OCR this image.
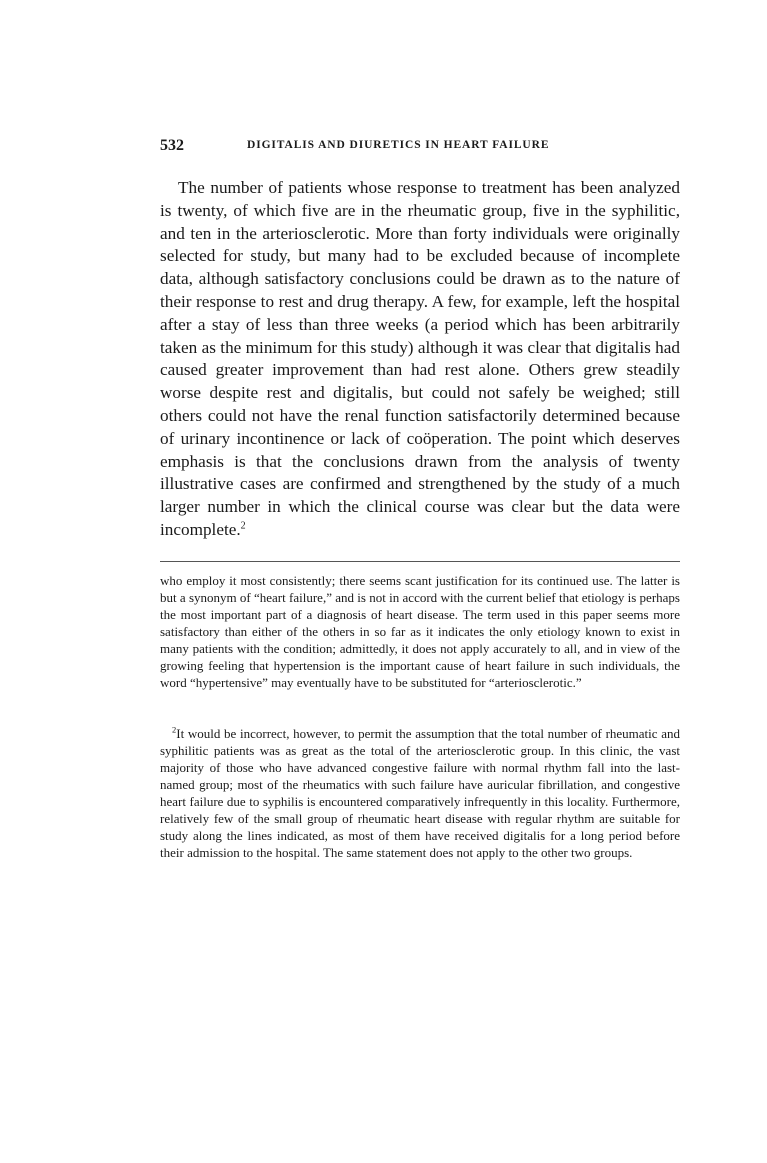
532	DIGITALIS AND DIURETICS IN HEART FAILURE

The number of patients whose response to treatment has been analyzed is twenty, of which five are in the rheumatic group, five in the syphilitic, and ten in the arteriosclerotic. More than forty individuals were originally selected for study, but many had to be excluded because of incomplete data, although satisfactory conclusions could be drawn as to the nature of their response to rest and drug therapy. A few, for example, left the hospital after a stay of less than three weeks (a period which has been arbitrarily taken as the minimum for this study) although it was clear that digitalis had caused greater improvement than had rest alone. Others grew steadily worse despite rest and digitalis, but could not safely be weighed; still others could not have the renal function satisfactorily determined because of urinary incontinence or lack of coöperation. The point which deserves emphasis is that the conclusions drawn from the analysis of twenty illustrative cases are confirmed and strengthened by the study of a much larger number in which the clinical course was clear but the data were incomplete.$^2$

who employ it most consistently; there seems scant justification for its continued use. The latter is but a synonym of “heart failure,” and is not in accord with the current belief that etiology is perhaps the most important part of a diagnosis of heart disease. The term used in this paper seems more satisfactory than either of the others in so far as it indicates the only etiology known to exist in many patients with the condition; admittedly, it does not apply accurately to all, and in view of the growing feeling that hypertension is the important cause of heart failure in such individuals, the word “hypertensive” may eventually have to be substituted for “arteriosclerotic.”

$^2$It would be incorrect, however, to permit the assumption that the total number of rheumatic and syphilitic patients was as great as the total of the arteriosclerotic group. In this clinic, the vast majority of those who have advanced congestive failure with normal rhythm fall into the last-named group; most of the rheumatics with such failure have auricular fibrillation, and congestive heart failure due to syphilis is encountered comparatively infrequently in this locality. Furthermore, relatively few of the small group of rheumatic heart disease with regular rhythm are suitable for study along the lines indicated, as most of them have received digitalis for a long period before their admission to the hospital. The same statement does not apply to the other two groups.
